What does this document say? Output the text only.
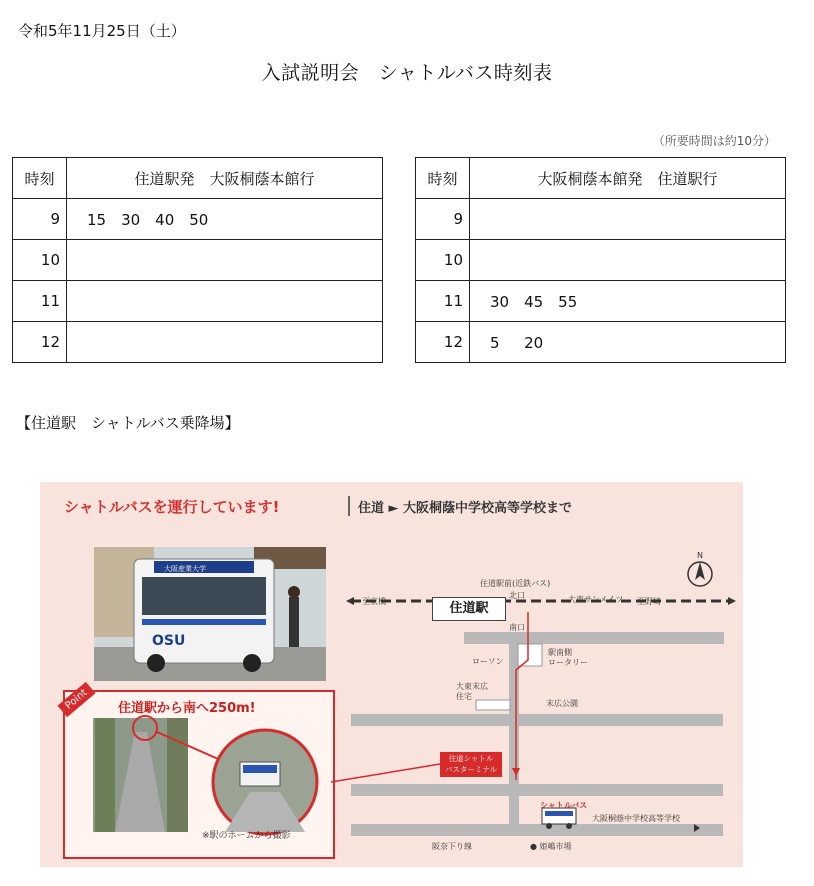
令和5年11月25日（土）
入試説明会　シャトルバス時刻表
（所要時間は約10分）
時刻	住道駅発　大阪桐蔭本館行
9	15　30　40　50
10	
11	
12	
時刻	大阪桐蔭本館発　住道駅行
9	
10	
11	30　45　55
12	5　  20
【住道駅　シャトルバス乗降場】
シャトルバスを運行しています!	住道 ► 大阪桐蔭中学校高等学校まで
OSU
大阪産業大学
Point	住道駅から南へ250m!
※駅のホームから撮影
N
住道駅
住道駅前(近鉄バス)
北口
南口
至京橋	至野崎
大東サンメイツ
ローソン
駅南側
ロータリー
大東末広
住宅
末広公園
住道シャトル
バスターミナル
シャトルバス
大阪桐蔭中学校高等学校
阪奈下り線	● 姫嶋市場
